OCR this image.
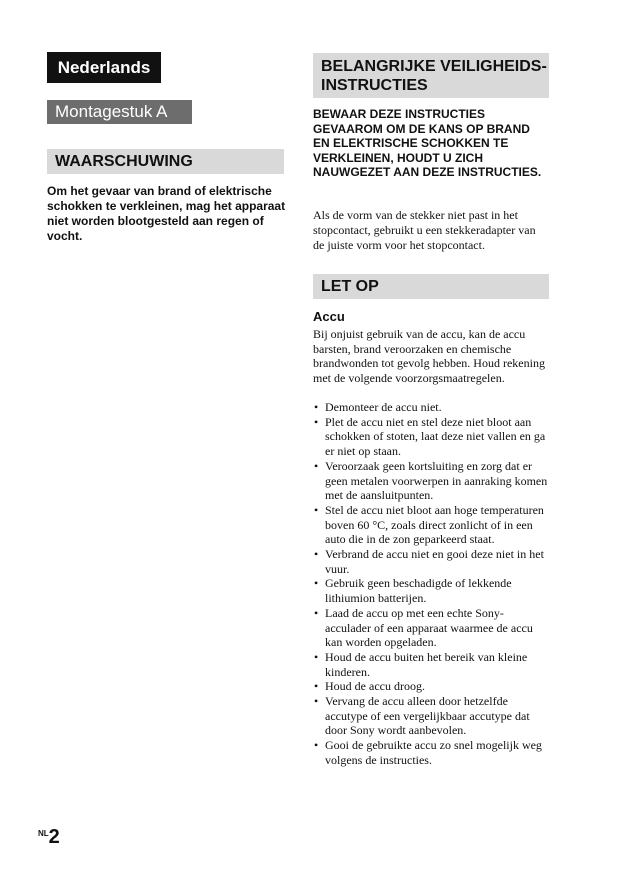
Nederlands
Montagestuk A
WAARSCHUWING
Om het gevaar van brand of elektrische schokken te verkleinen, mag het apparaat niet worden blootgesteld aan regen of vocht.
BELANGRIJKE VEILIGHEIDS-INSTRUCTIES
BEWAAR DEZE INSTRUCTIES GEVAAROM OM DE KANS OP BRAND EN ELEKTRISCHE SCHOKKEN TE VERKLEINEN, HOUDT U ZICH NAUWGEZET AAN DEZE INSTRUCTIES.
Als de vorm van de stekker niet past in het stopcontact, gebruikt u een stekkeradapter van de juiste vorm voor het stopcontact.
LET OP
Accu
Bij onjuist gebruik van de accu, kan de accu barsten, brand veroorzaken en chemische brandwonden tot gevolg hebben. Houd rekening met de volgende voorzorgsmaatregelen.
• Demonteer de accu niet.
• Plet de accu niet en stel deze niet bloot aan schokken of stoten, laat deze niet vallen en ga er niet op staan.
• Veroorzaak geen kortsluiting en zorg dat er geen metalen voorwerpen in aanraking komen met de aansluitpunten.
• Stel de accu niet bloot aan hoge temperaturen boven 60 °C, zoals direct zonlicht of in een auto die in de zon geparkeerd staat.
• Verbrand de accu niet en gooi deze niet in het vuur.
• Gebruik geen beschadigde of lekkende lithiumion batterijen.
• Laad de accu op met een echte Sony-acculader of een apparaat waarmee de accu kan worden opgeladen.
• Houd de accu buiten het bereik van kleine kinderen.
• Houd de accu droog.
• Vervang de accu alleen door hetzelfde accutype of een vergelijkbaar accutype dat door Sony wordt aanbevolen.
• Gooi de gebruikte accu zo snel mogelijk weg volgens de instructies.
$^{NL}$2
